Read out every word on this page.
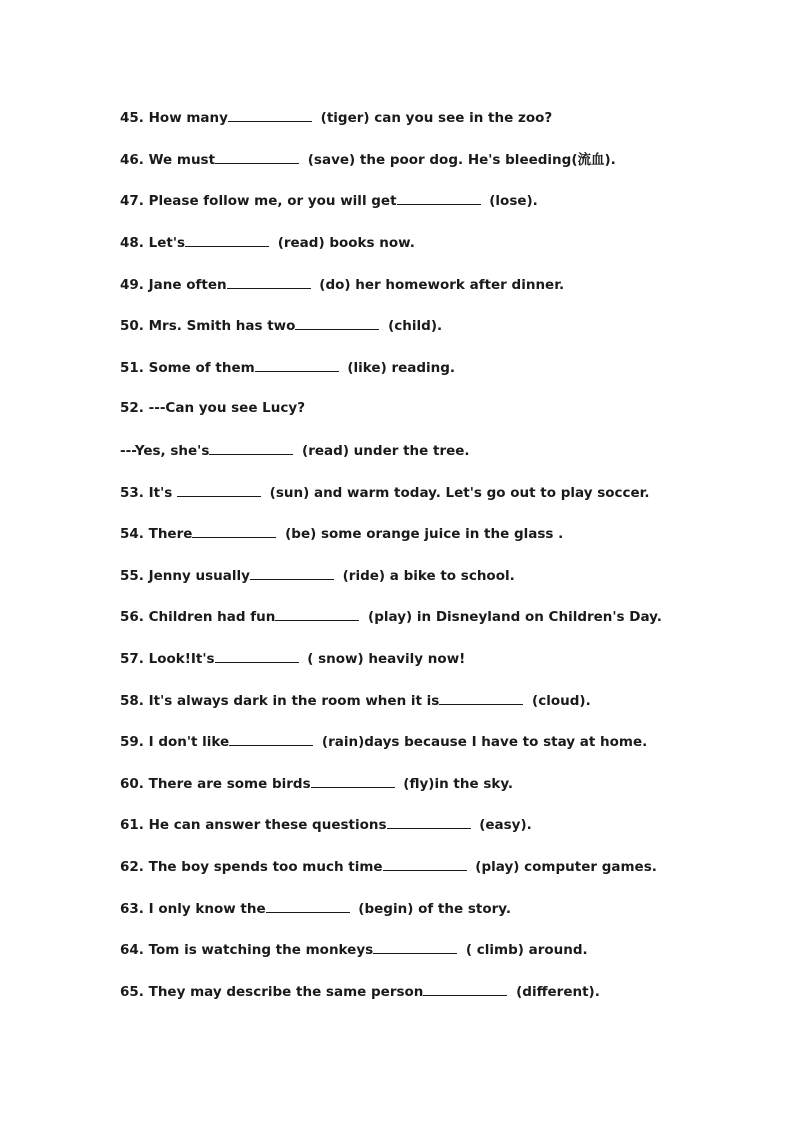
45. How many	(tiger) can you see in the zoo?
46. We must	(save) the poor dog. He's bleeding(流血).
47. Please follow me, or you will get	(lose).
48. Let's	(read) books now.
49. Jane often	(do) her homework after dinner.
50. Mrs. Smith has two	(child).
51. Some of them	(like) reading.
52. ---Can you see Lucy?
---Yes, she's	(read) under the tree.
53. It's	(sun) and warm today. Let's go out to play soccer.
54. There	(be) some orange juice in the glass .
55. Jenny usually	(ride) a bike to school.
56. Children had fun	(play) in Disneyland on Children's Day.
57. Look!It's	( snow) heavily now!
58. It's always dark in the room when it is	(cloud).
59. I don't like	(rain)days because I have to stay at home.
60. There are some birds	(fly)in the sky.
61. He can answer these questions	(easy).
62. The boy spends too much time	(play) computer games.
63. I only know the	(begin) of the story.
64. Tom is watching the monkeys	( climb) around.
65. They may describe the same person	(different).
